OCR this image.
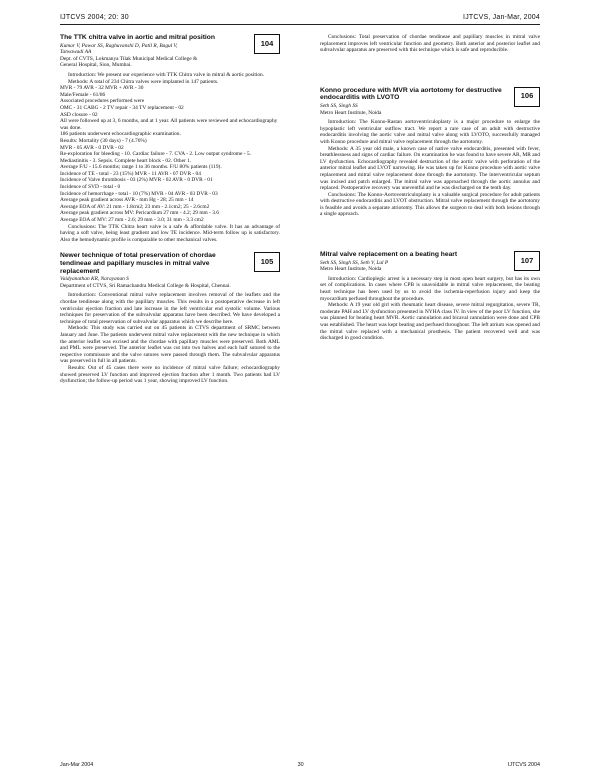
IJTCVS 2004; 20: 30	IJTCVS, Jan-Mar, 2004
The TTK chitra valve in aortic and mitral position
104

Kumar V, Pawar SS, Raghuvanshi D, Patil R, Bagul V,

Tatwawadi AA

Dept. of CVTS, Lokmanya Tilak Municipal Medical College &

General Hospital, Sion, Mumbai.

Introduction: We present our experience with TTK Chitra valve in mitral & aortic position.

Methods: A total of 234 Chitra valves were implanted in 147 patients.

MVR - 79 AVR - 32 MVR + AVR - 30

Male/Female - 61/86

Associated procedures performed were

OMC - 31 CABG - 2 TV repair - 34 TV replacement - 02

ASD closure - 02

All were followed up at 3, 6 months, and at 1 year. All patients were reviewed and echocardiography was done.

186 patients underwent echocardiographic examination.

Results: Mortality (30 days) - 7 (4.76%)

MVR - 05 AVR - 0 DVR - 02

Re-exploration for bleeding - 10. Cardiac failure - 7. CVA - 2. Low output syndrome - 5. Mediastinitis - 3. Sepsis. Complete heart block - 02. Other 1.

Average F/U - 15.6 months; range 1 to 36 months. F/U 80% patients (119).

Incidence of TE - total - 23 (15%) MVR - 11 AVR - 07 DVR - 04

Incidence of Valve thrombosis - 03 (2%) MVR - 02 AVR - 0 DVR - 01

Incidence of SVD - total - 0

Incidence of hemorrhage - total - 10 (7%) MVR - 04 AVR - 03 DVR - 03

Average peak gradient across AVR - mm Hg - 28; 25 mm - 14

Average EOA of AV: 21 mm - 1.8cm2; 23 mm - 2.1cm2; 25 - 2.6cm2

Average peak gradient across MV: Pericardium 27 mm - 4.2; 29 mm - 3.6

Average EOA of MV: 27 mm - 2.6; 29 mm - 3.0; 31 mm - 3.3 cm2

Conclusions: The TTK Chitra heart valve is a safe & affordable valve. It has an advantage of having a soft valve, being least gradient and low TE incidence. Mid-term follow up is satisfactory. Also the hemodynamic profile is comparable to other mechanical valves.

Newer technique of total preservation of chordae tendineae and papillary muscles in mitral valve replacement
105

Vaidyanathan KR, Narayanan S

Department of CTVS, Sri Ramachandra Medical College & Hospital, Chennai.

Introduction: Conventional mitral valve replacement involves removal of the leaflets and the chordae tendineae along with the papillary muscles. This results in a postoperative decrease in left ventricular ejection fraction and late increase in the left ventricular end systolic volume. Various techniques for preservation of the subvalvular apparatus have been described. We have developed a technique of total preservation of subvalvular apparatus which we describe here.

Methods: This study was carried out on 45 patients in CTVS department of SRMC between January and June. The patients underwent mitral valve replacement with the new technique in which the anterior leaflet was excised and the chordae with papillary muscles were preserved. Both AML and PML were preserved. The anterior leaflet was cut into two halves and each half sutured to the respective commissure and the valve sutures were passed through them. The subvalvular apparatus was preserved in full in all patients.

Results: Out of 45 cases there were no incidence of mitral valve failure; echocardiography showed preserved LV function and improved ejection fraction after 1 month. Two patients had LV dysfunction; the follow-up period was 1 year, showing improved LV function.

Conclusions: Total preservation of chordae tendineae and papillary muscles in mitral valve replacement improves left ventricular function and geometry. Both anterior and posterior leaflet and subvalvular apparatus are preserved with this technique which is safe and reproducible.

Konno procedure with MVR via aortotomy for destructive endocarditis with LVOTO	106

Seth SS, Singh SS

Metro Heart Institute, Noida

Introduction: The Konno-Rastan aortoventriculoplasty is a major procedure to enlarge the hypoplastic left ventricular outflow tract. We report a rare case of an adult with destructive endocarditis involving the aortic valve and mitral valve along with LVOTO, successfully managed with Konno procedure and mitral valve replacement through the aortotomy.

Methods: A 35 year old male, a known case of native valve endocarditis, presented with fever, breathlessness and signs of cardiac failure. On examination he was found to have severe AR, MR and LV dysfunction. Echocardiography revealed destruction of the aortic valve with perforation of the anterior mitral leaflet and LVOT narrowing. He was taken up for Konno procedure with aortic valve replacement and mitral valve replacement done through the aortotomy. The interventricular septum was incised and patch enlarged. The mitral valve was approached through the aortic annulus and replaced. Postoperative recovery was uneventful and he was discharged on the tenth day.

Conclusions: The Konno-Aortoventriculoplasty is a valuable surgical procedure for adult patients with destructive endocarditis and LVOT obstruction. Mitral valve replacement through the aortotomy is feasible and avoids a separate atriotomy. This allows the surgeon to deal with both lesions through a single approach.

Mitral valve replacement on a beating heart
107

Seth SS, Singh SS, Seth V, Lal P

Metro Heart Institute, Noida

Introduction: Cardioplegic arrest is a necessary step in most open heart surgery, but has its own set of complications. In cases where CPB is unavoidable in mitral valve replacement, the beating heart technique has been used by us to avoid the ischemia-reperfusion injury and keep the myocardium perfused throughout the procedure.

Methods: A 19 year old girl with rheumatic heart disease, severe mitral regurgitation, severe TR, moderate PAH and LV dysfunction presented in NYHA class IV. In view of the poor LV function, she was planned for beating heart MVR. Aortic cannulation and bicaval cannulation were done and CPB was established. The heart was kept beating and perfused throughout. The left atrium was opened and the mitral valve replaced with a mechanical prosthesis. The patient recovered well and was discharged in good condition.

Jan-Mar 2004	30	IJTCVS 2004
